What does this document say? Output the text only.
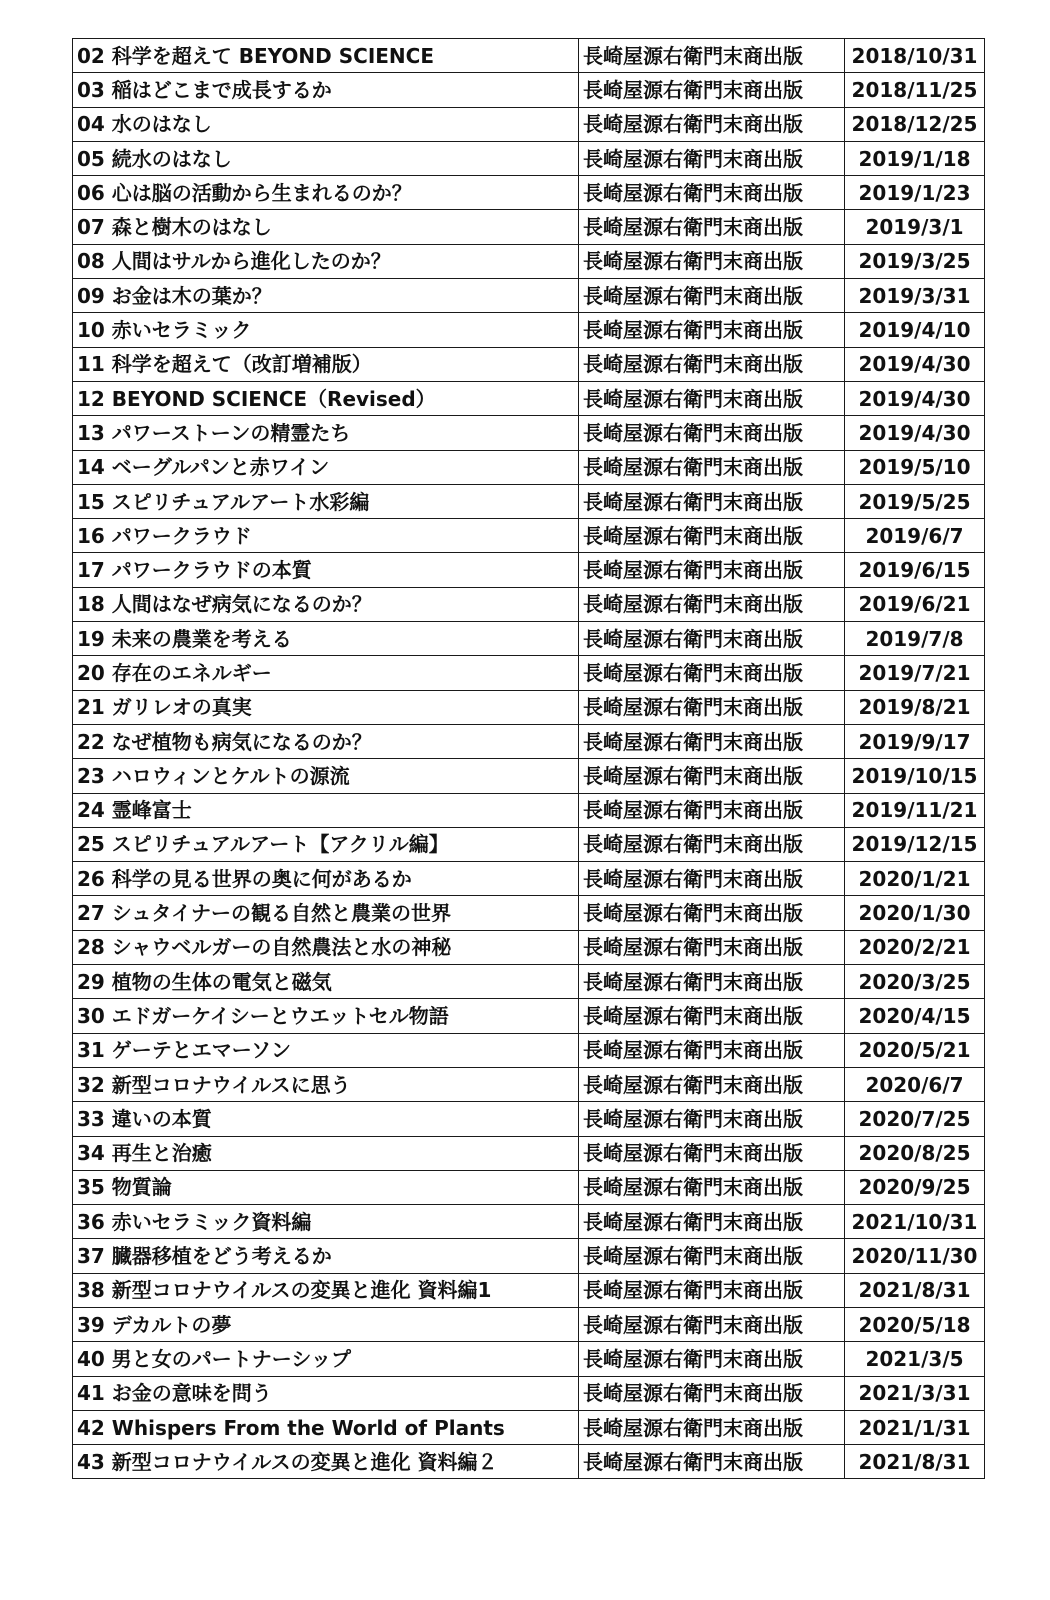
02 科学を超えて BEYOND SCIENCE	長崎屋源右衛門末商出版	2018/10/31
03 稲はどこまで成長するか	長崎屋源右衛門末商出版	2018/11/25
04 水のはなし	長崎屋源右衛門末商出版	2018/12/25
05 続水のはなし	長崎屋源右衛門末商出版	2019/1/18
06 心は脳の活動から生まれるのか？	長崎屋源右衛門末商出版	2019/1/23
07 森と樹木のはなし	長崎屋源右衛門末商出版	2019/3/1
08 人間はサルから進化したのか？	長崎屋源右衛門末商出版	2019/3/25
09 お金は木の葉か？	長崎屋源右衛門末商出版	2019/3/31
10 赤いセラミック	長崎屋源右衛門末商出版	2019/4/10
11 科学を超えて（改訂増補版）	長崎屋源右衛門末商出版	2019/4/30
12 BEYOND SCIENCE（Revised）	長崎屋源右衛門末商出版	2019/4/30
13 パワーストーンの精霊たち	長崎屋源右衛門末商出版	2019/4/30
14 ベーグルパンと赤ワイン	長崎屋源右衛門末商出版	2019/5/10
15 スピリチュアルアート水彩編	長崎屋源右衛門末商出版	2019/5/25
16 パワークラウド	長崎屋源右衛門末商出版	2019/6/7
17 パワークラウドの本質	長崎屋源右衛門末商出版	2019/6/15
18 人間はなぜ病気になるのか？	長崎屋源右衛門末商出版	2019/6/21
19 未来の農業を考える	長崎屋源右衛門末商出版	2019/7/8
20 存在のエネルギー	長崎屋源右衛門末商出版	2019/7/21
21 ガリレオの真実	長崎屋源右衛門末商出版	2019/8/21
22 なぜ植物も病気になるのか？	長崎屋源右衛門末商出版	2019/9/17
23 ハロウィンとケルトの源流	長崎屋源右衛門末商出版	2019/10/15
24 霊峰富士	長崎屋源右衛門末商出版	2019/11/21
25 スピリチュアルアート【アクリル編】	長崎屋源右衛門末商出版	2019/12/15
26 科学の見る世界の奥に何があるか	長崎屋源右衛門末商出版	2020/1/21
27 シュタイナーの観る自然と農業の世界	長崎屋源右衛門末商出版	2020/1/30
28 シャウベルガーの自然農法と水の神秘	長崎屋源右衛門末商出版	2020/2/21
29 植物の生体の電気と磁気	長崎屋源右衛門末商出版	2020/3/25
30 エドガーケイシーとウエットセル物語	長崎屋源右衛門末商出版	2020/4/15
31 ゲーテとエマーソン	長崎屋源右衛門末商出版	2020/5/21
32 新型コロナウイルスに思う	長崎屋源右衛門末商出版	2020/6/7
33 違いの本質	長崎屋源右衛門末商出版	2020/7/25
34 再生と治癒	長崎屋源右衛門末商出版	2020/8/25
35 物質論	長崎屋源右衛門末商出版	2020/9/25
36 赤いセラミック資料編	長崎屋源右衛門末商出版	2021/10/31
37 臓器移植をどう考えるか	長崎屋源右衛門末商出版	2020/11/30
38 新型コロナウイルスの変異と進化 資料編1	長崎屋源右衛門末商出版	2021/8/31
39 デカルトの夢	長崎屋源右衛門末商出版	2020/5/18
40 男と女のパートナーシップ	長崎屋源右衛門末商出版	2021/3/5
41 お金の意味を問う	長崎屋源右衛門末商出版	2021/3/31
42 Whispers From the World of Plants	長崎屋源右衛門末商出版	2021/1/31
43 新型コロナウイルスの変異と進化 資料編２	長崎屋源右衛門末商出版	2021/8/31
